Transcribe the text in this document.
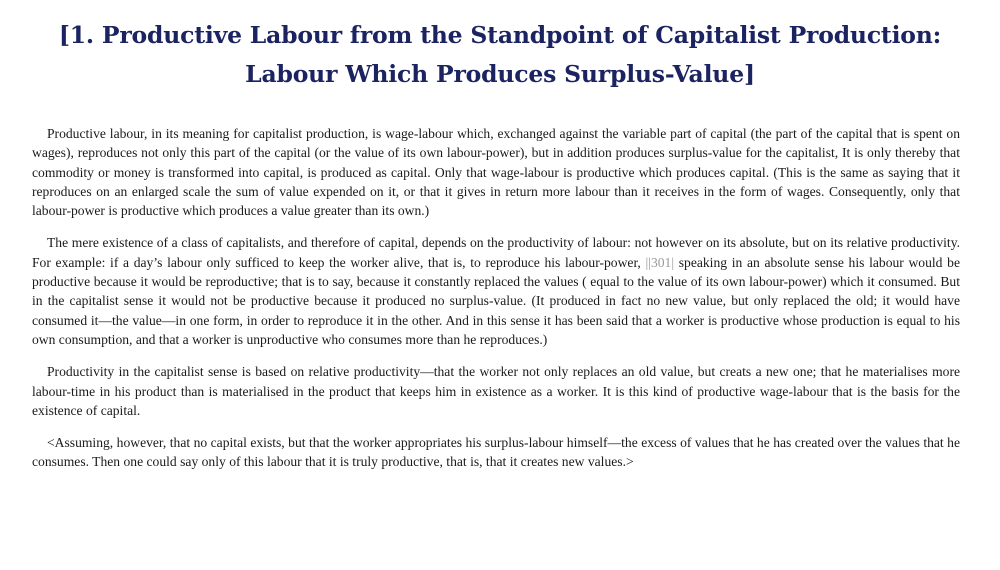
[1. Productive Labour from the Standpoint of Capitalist Production:
Labour Which Produces Surplus-Value]

Productive labour, in its meaning for capitalist production, is wage-labour which, exchanged against the variable part of capital (the part of the capital that is spent on wages), reproduces not only this part of the capital (or the value of its own labour-power), but in addition produces surplus-value for the capitalist, It is only thereby that commodity or money is transformed into capital, is produced as capital. Only that wage-labour is productive which produces capital. (This is the same as saying that it reproduces on an enlarged scale the sum of value expended on it, or that it gives in return more labour than it receives in the form of wages. Consequently, only that labour-power is productive which produces a value greater than its own.)

The mere existence of a class of capitalists, and therefore of capital, depends on the productivity of labour: not however on its absolute, but on its relative productivity. For example: if a day’s labour only sufficed to keep the worker alive, that is, to reproduce his labour-power, ||301| speaking in an absolute sense his labour would be productive because it would be reproductive; that is to say, because it constantly replaced the values ( equal to the value of its own labour-power) which it consumed. But in the capitalist sense it would not be productive because it produced no surplus-value. (It produced in fact no new value, but only replaced the old; it would have consumed it—the value—in one form, in order to reproduce it in the other. And in this sense it has been said that a worker is productive whose production is equal to his own consumption, and that a worker is unproductive who consumes more than he reproduces.)

Productivity in the capitalist sense is based on relative productivity—that the worker not only replaces an old value, but creats a new one; that he materialises more labour-time in his product than is materialised in the product that keeps him in existence as a worker. It is this kind of productive wage-labour that is the basis for the existence of capital.

<Assuming, however, that no capital exists, but that the worker appropriates his surplus-labour himself—the excess of values that he has created over the values that he consumes. Then one could say only of this labour that it is truly productive, that is, that it creates new values.>
